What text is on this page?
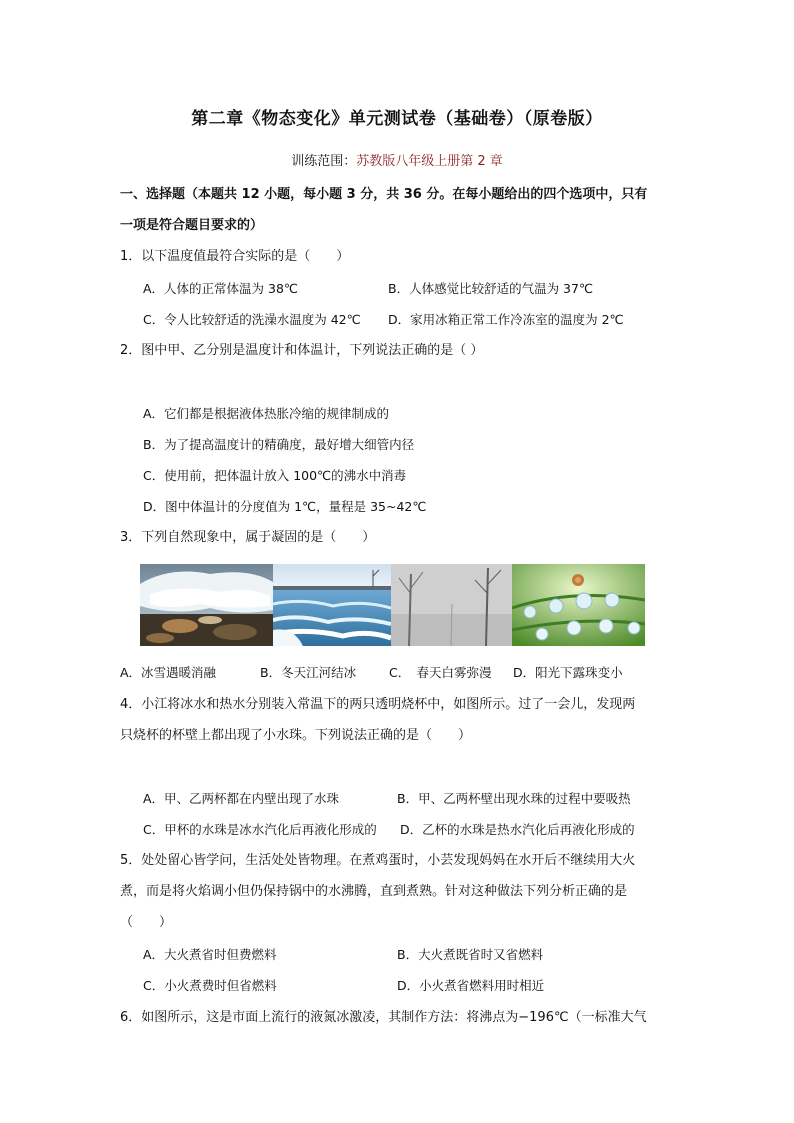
第二章《物态变化》单元测试卷（基础卷）（原卷版）
训练范围：苏教版八年级上册第 2 章
一、选择题（本题共 12 小题，每小题 3 分，共 36 分。在每小题给出的四个选项中，只有
一项是符合题目要求的）
1．以下温度值最符合实际的是（　　）
A．人体的正常体温为 38℃	B．人体感觉比较舒适的气温为 37℃
C．令人比较舒适的洗澡水温度为 42℃ D．家用冰箱正常工作冷冻室的温度为 2℃
2．图中甲、乙分别是温度计和体温计，下列说法正确的是（ ）
A．它们都是根据液体热胀冷缩的规律制成的
B．为了提高温度计的精确度，最好增大细管内径
C．使用前，把体温计放入 100℃的沸水中消毒
D．图中体温计的分度值为 1℃，量程是 35~42℃
3．下列自然现象中，属于凝固的是（　　）
A．冰雪遇暖消融	B．冬天江河结冰	C．　春天白雾弥漫 D．阳光下露珠变小
4．小江将冰水和热水分别装入常温下的两只透明烧杯中，如图所示。过了一会儿，发现两
只烧杯的杯壁上都出现了小水珠。下列说法正确的是（　　）
A．甲、乙两杯都在内壁出现了水珠	B．甲、乙两杯壁出现水珠的过程中要吸热
C．甲杯的水珠是冰水汽化后再液化形成的 D．乙杯的水珠是热水汽化后再液化形成的
5．处处留心皆学问，生活处处皆物理。在煮鸡蛋时，小芸发现妈妈在水开后不继续用大火
煮，而是将火焰调小但仍保持锅中的水沸腾，直到煮熟。针对这种做法下列分析正确的是
（　　）
A．大火煮省时但费燃料	B．大火煮既省时又省燃料
C．小火煮费时但省燃料	D．小火煮省燃料用时相近
6．如图所示，这是市面上流行的液氮冰激凌，其制作方法：将沸点为−196℃（一标准大气
